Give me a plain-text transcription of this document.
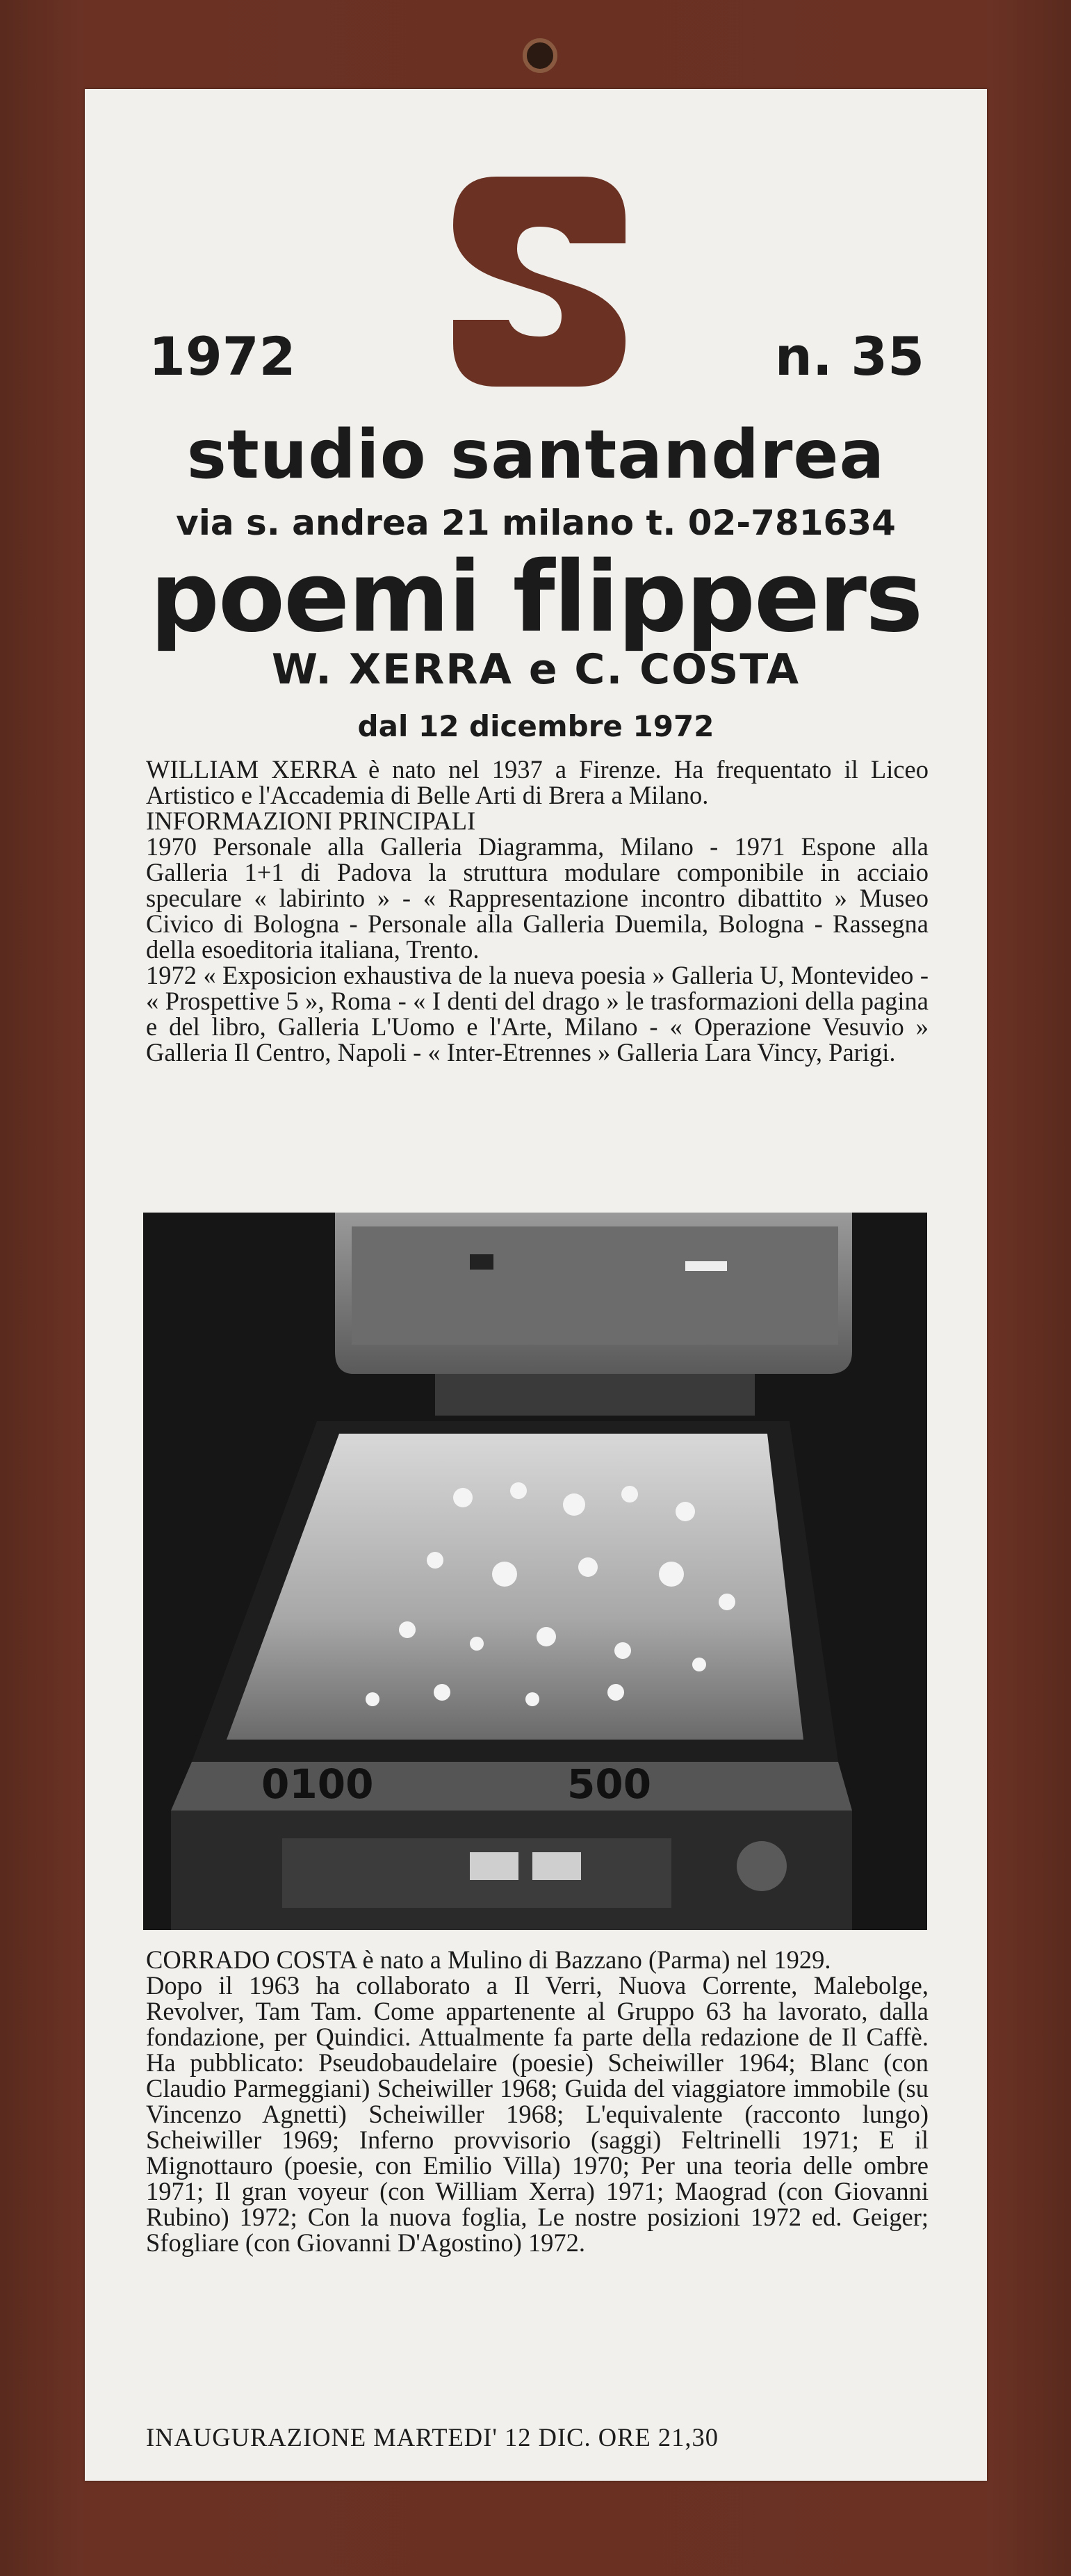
1972	n. 35
studio santandrea
via s. andrea 21 milano t. 02-781634
poemi flippers
W. XERRA e C. COSTA
dal 12 dicembre 1972
WILLIAM XERRA è nato nel 1937 a Firenze. Ha frequentato il Liceo Artistico e l'Accademia di Belle Arti di Brera a Milano.
INFORMAZIONI PRINCIPALI
1970 Personale alla Galleria Diagramma, Milano - 1971 Espone alla Galleria 1+1 di Padova la struttura modulare componibile in acciaio speculare « labirinto » - « Rappresentazione incontro dibattito » Museo Civico di Bologna - Personale alla Galleria Duemila, Bologna - Rassegna della esoeditoria italiana, Trento.
1972 « Exposicion exhaustiva de la nueva poesia » Galleria U, Montevideo - « Prospettive 5 », Roma - « I denti del drago » le trasformazioni della pagina e del libro, Galleria L'Uomo e l'Arte, Milano - « Operazione Vesuvio » Galleria Il Centro, Napoli - « Inter-Etrennes » Galleria Lara Vincy, Parigi.
0100	500
CORRADO COSTA è nato a Mulino di Bazzano (Parma) nel 1929.
Dopo il 1963 ha collaborato a Il Verri, Nuova Corrente, Malebolge, Revolver, Tam Tam. Come appartenente al Gruppo 63 ha lavorato, dalla fondazione, per Quindici. Attualmente fa parte della redazione de Il Caffè. Ha pubblicato: Pseudobaudelaire (poesie) Scheiwiller 1964; Blanc (con Claudio Parmeggiani) Scheiwiller 1968; Guida del viaggiatore immobile (su Vincenzo Agnetti) Scheiwiller 1968; L'equivalente (racconto lungo) Scheiwiller 1969; Inferno provvisorio (saggi) Feltrinelli 1971; E il Mignottauro (poesie, con Emilio Villa) 1970; Per una teoria delle ombre 1971; Il gran voyeur (con William Xerra) 1971; Maograd (con Giovanni Rubino) 1972; Con la nuova foglia, Le nostre posizioni 1972 ed. Geiger; Sfogliare (con Giovanni D'Agostino) 1972.
INAUGURAZIONE MARTEDI' 12 DIC. ORE 21,30
